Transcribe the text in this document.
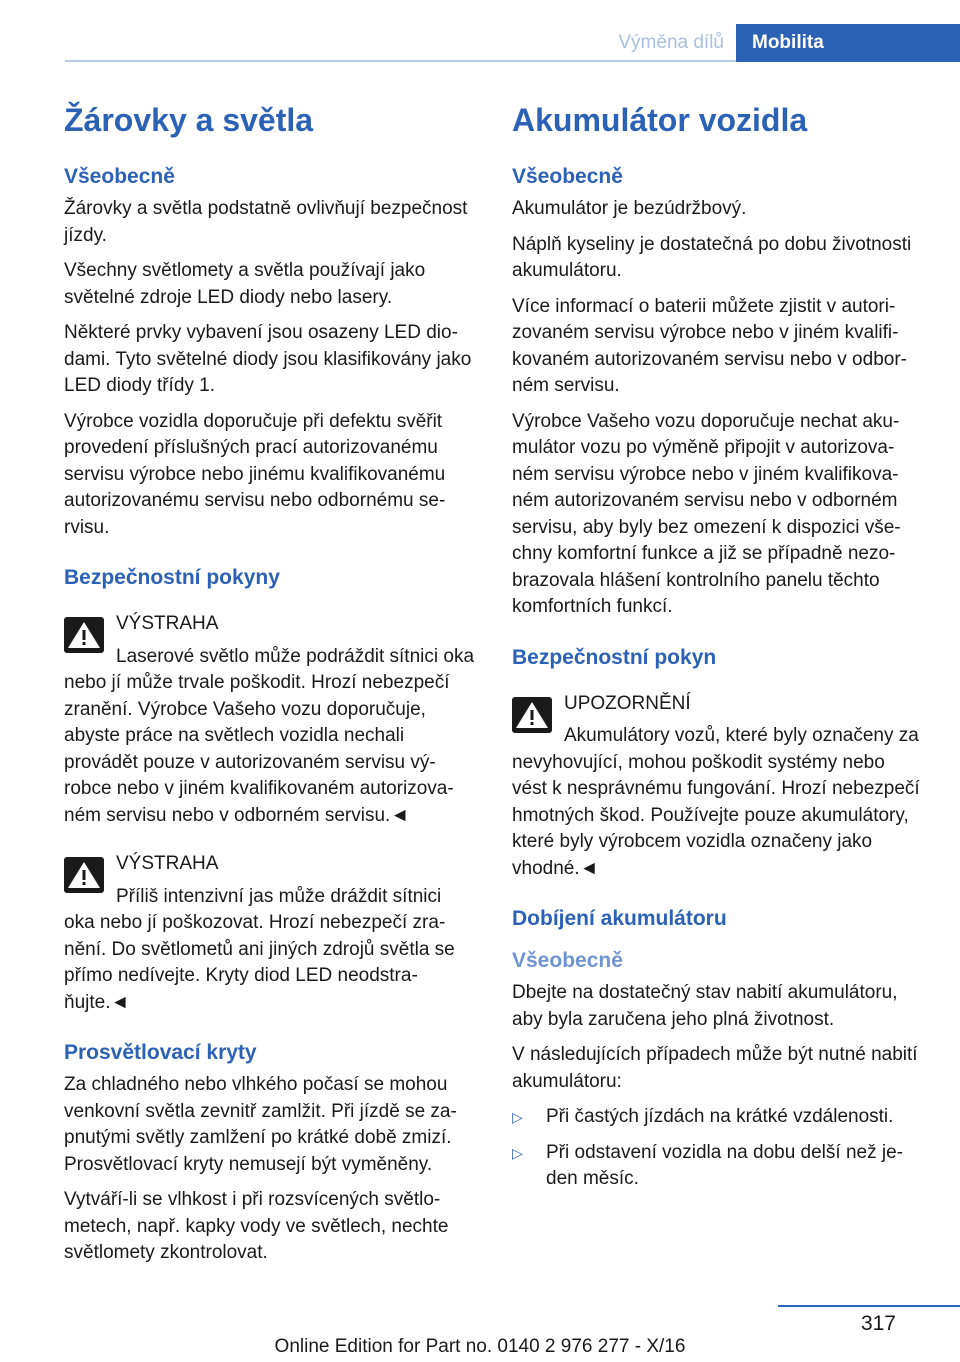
Výměna dílů	Mobilita
Žárovky a světla
Všeobecně

Žárovky a světla podstatně ovlivňují bezpečnost jízdy.

Všechny světlomety a světla používají jako světelné zdroje LED diody nebo lasery.

Některé prvky vybavení jsou osazeny LED diodami. Tyto světelné diody jsou klasifikovány jako LED diody třídy 1.

Výrobce vozidla doporučuje při defektu svěřit provedení příslušných prací autorizovanému servisu výrobce nebo jinému kvalifikovanému autorizovanému servisu nebo odbornému servisu.

Bezpečnostní pokyny

VÝSTRAHA

Laserové světlo může podráždit sítnici oka nebo jí může trvale poškodit. Hrozí nebezpečí zranění. Výrobce Vašeho vozu doporučuje, abyste práce na světlech vozidla nechali provádět pouze v autorizovaném servisu výrobce nebo v jiném kvalifikovaném autorizovaném servisu nebo v odborném servisu.◄

VÝSTRAHA

Příliš intenzivní jas může dráždit sítnici oka nebo jí poškozovat. Hrozí nebezpečí zranění. Do světlometů ani jiných zdrojů světla se přímo nedívejte. Kryty diod LED neodstraňujte.◄

Prosvětlovací kryty

Za chladného nebo vlhkého počasí se mohou venkovní světla zevnitř zamlžit. Při jízdě se zapnutými světly zamlžení po krátké době zmizí. Prosvětlovací kryty nemusejí být vyměněny.

Vytváří-li se vlhkost i při rozsvícených světlometech, např. kapky vody ve světlech, nechte světlomety zkontrolovat.

Akumulátor vozidla
Všeobecně

Akumulátor je bezúdržbový.

Náplň kyseliny je dostatečná po dobu životnosti akumulátoru.

Více informací o baterii můžete zjistit v autorizovaném servisu výrobce nebo v jiném kvalifikovaném autorizovaném servisu nebo v odborném servisu.

Výrobce Vašeho vozu doporučuje nechat akumulátor vozu po výměně připojit v autorizovaném servisu výrobce nebo v jiném kvalifikovaném autorizovaném servisu nebo v odborném servisu, aby byly bez omezení k dispozici všechny komfortní funkce a již se případně nezobrazovala hlášení kontrolního panelu těchto komfortních funkcí.

Bezpečnostní pokyn

UPOZORNĚNÍ

Akumulátory vozů, které byly označeny za nevyhovující, mohou poškodit systémy nebo vést k nesprávnému fungování. Hrozí nebezpečí hmotných škod. Používejte pouze akumulátory, které byly výrobcem vozidla označeny jako vhodné.◄

Dobíjení akumulátoru
Všeobecně

Dbejte na dostatečný stav nabití akumulátoru, aby byla zaručena jeho plná životnost.

V následujících případech může být nutné nabití akumulátoru:

▷ Při častých jízdách na krátké vzdálenosti.
▷ Při odstavení vozidla na dobu delší než jeden měsíc.
317
Online Edition for Part no. 0140 2 976 277 - X/16
